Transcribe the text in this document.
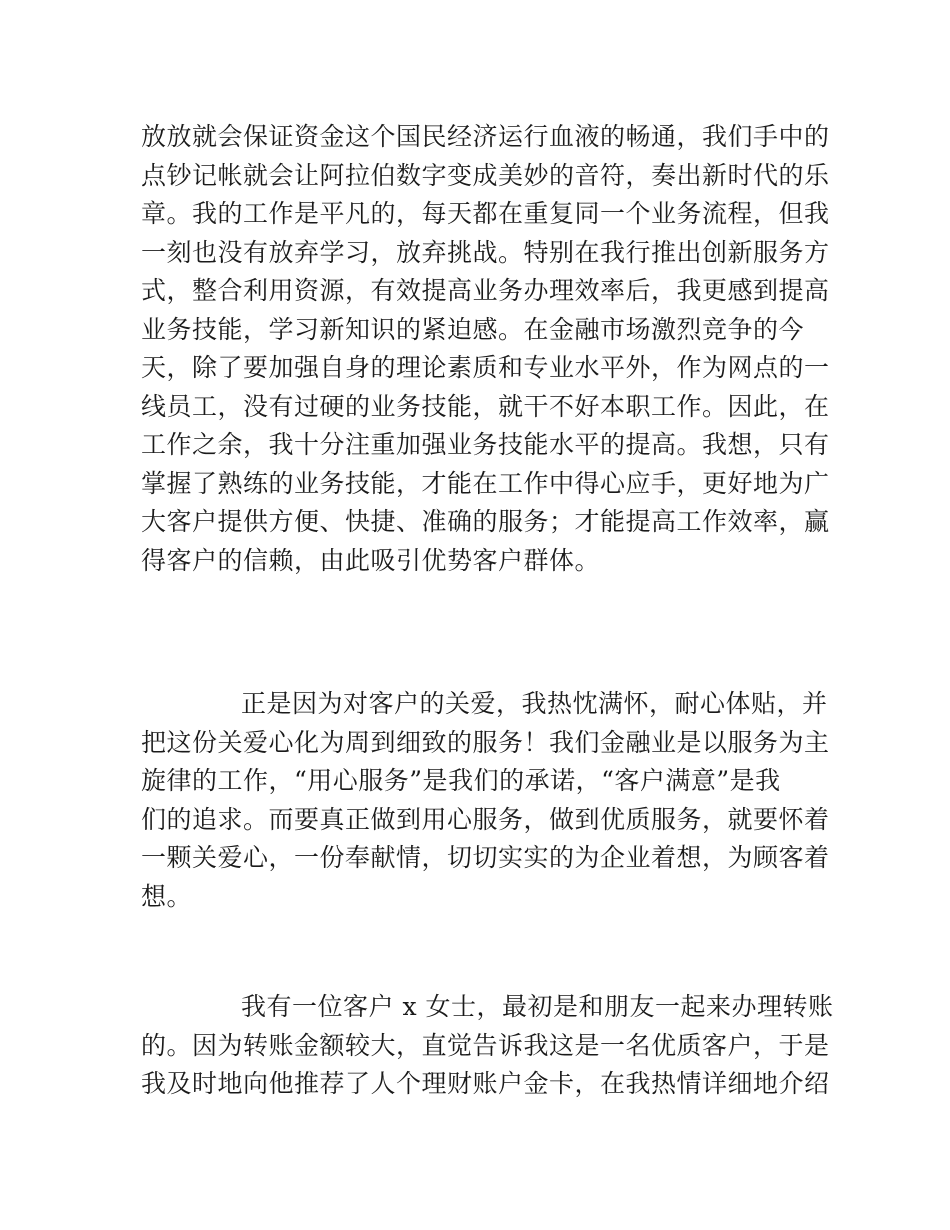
放放就会保证资金这个国民经济运行血液的畅通，我们手中的
点钞记帐就会让阿拉伯数字变成美妙的音符，奏出新时代的乐
章。我的工作是平凡的，每天都在重复同一个业务流程，但我
一刻也没有放弃学习，放弃挑战。特别在我行推出创新服务方
式，整合利用资源，有效提高业务办理效率后，我更感到提高
业务技能，学习新知识的紧迫感。在金融市场激烈竞争的今
天，除了要加强自身的理论素质和专业水平外，作为网点的一
线员工，没有过硬的业务技能，就干不好本职工作。因此，在
工作之余，我十分注重加强业务技能水平的提高。我想，只有
掌握了熟练的业务技能，才能在工作中得心应手，更好地为广
大客户提供方便、快捷、准确的服务；才能提高工作效率，赢
得客户的信赖，由此吸引优势客户群体。
正是因为对客户的关爱，我热忱满怀，耐心体贴，并
把这份关爱心化为周到细致的服务！我们金融业是以服务为主
旋律的工作，“用心服务”是我们的承诺，“客户满意”是我
们的追求。而要真正做到用心服务，做到优质服务，就要怀着
一颗关爱心，一份奉献情，切切实实的为企业着想，为顾客着
想。
我有一位客户 x 女士，最初是和朋友一起来办理转账
的。因为转账金额较大，直觉告诉我这是一名优质客户，于是
我及时地向他推荐了人个理财账户金卡，在我热情详细地介绍
